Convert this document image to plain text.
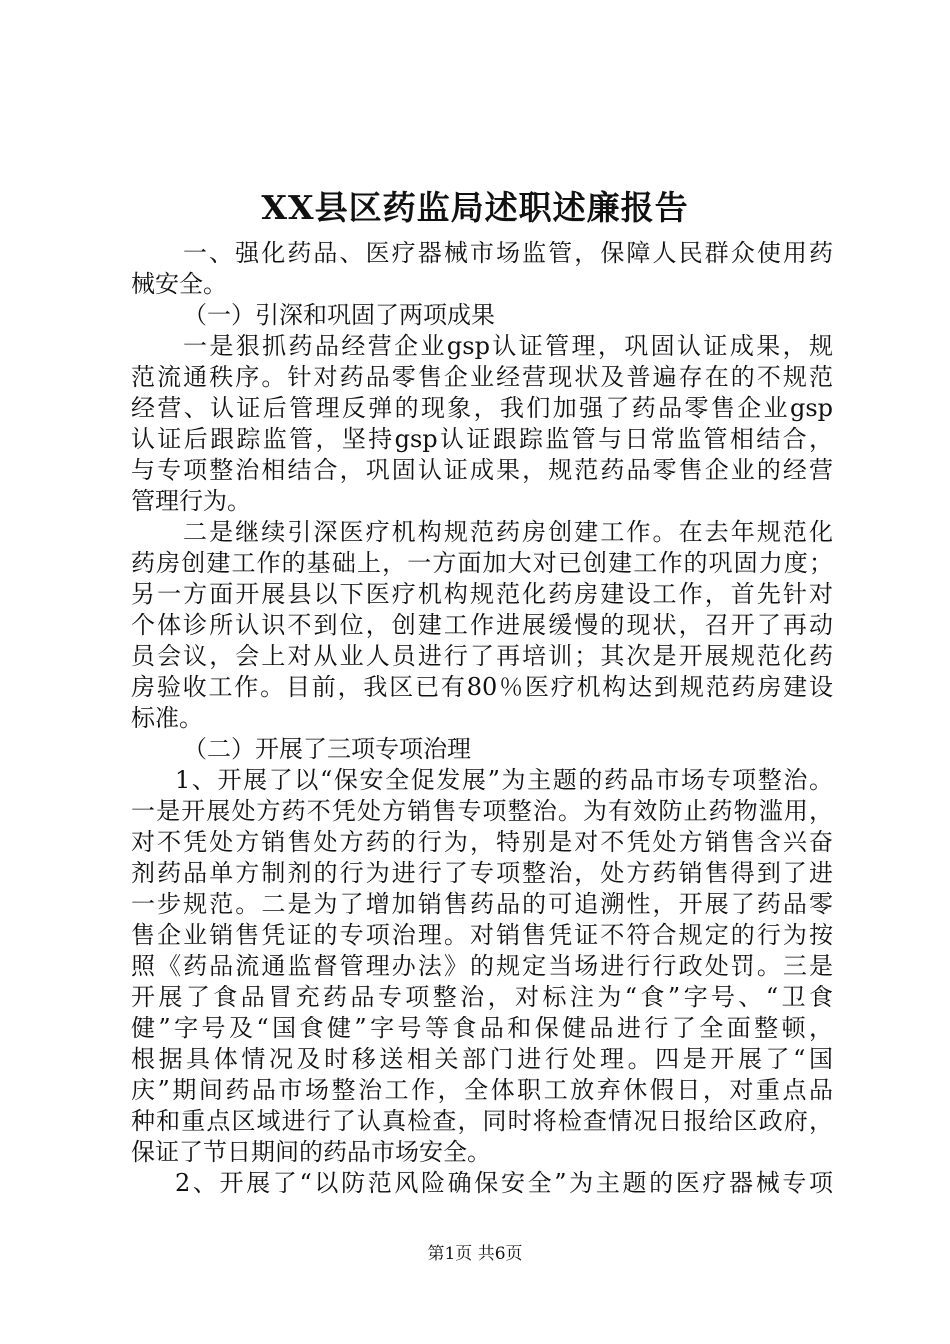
XX县区药监局述职述廉报告
一、强化药品、医疗器械市场监管，保障人民群众使用药
械安全。
（一）引深和巩固了两项成果
一是狠抓药品经营企业gsp认证管理，巩固认证成果，规
范流通秩序。针对药品零售企业经营现状及普遍存在的不规范
经营、认证后管理反弹的现象，我们加强了药品零售企业gsp
认证后跟踪监管，坚持gsp认证跟踪监管与日常监管相结合，
与专项整治相结合，巩固认证成果，规范药品零售企业的经营
管理行为。
二是继续引深医疗机构规范药房创建工作。在去年规范化
药房创建工作的基础上，一方面加大对已创建工作的巩固力度；
另一方面开展县以下医疗机构规范化药房建设工作，首先针对
个体诊所认识不到位，创建工作进展缓慢的现状，召开了再动
员会议，会上对从业人员进行了再培训；其次是开展规范化药
房验收工作。目前，我区已有80％医疗机构达到规范药房建设
标准。
（二）开展了三项专项治理
1、开展了以“保安全促发展”为主题的药品市场专项整治。
一是开展处方药不凭处方销售专项整治。为有效防止药物滥用，
对不凭处方销售处方药的行为，特别是对不凭处方销售含兴奋
剂药品单方制剂的行为进行了专项整治，处方药销售得到了进
一步规范。二是为了增加销售药品的可追溯性，开展了药品零
售企业销售凭证的专项治理。对销售凭证不符合规定的行为按
照《药品流通监督管理办法》的规定当场进行行政处罚。三是
开展了食品冒充药品专项整治，对标注为“食”字号、“卫食
健”字号及“国食健”字号等食品和保健品进行了全面整顿，
根据具体情况及时移送相关部门进行处理。四是开展了“国
庆”期间药品市场整治工作，全体职工放弃休假日，对重点品
种和重点区域进行了认真检查，同时将检查情况日报给区政府，
保证了节日期间的药品市场安全。
2、开展了“以防范风险确保安全”为主题的医疗器械专项
第1页 共6页
